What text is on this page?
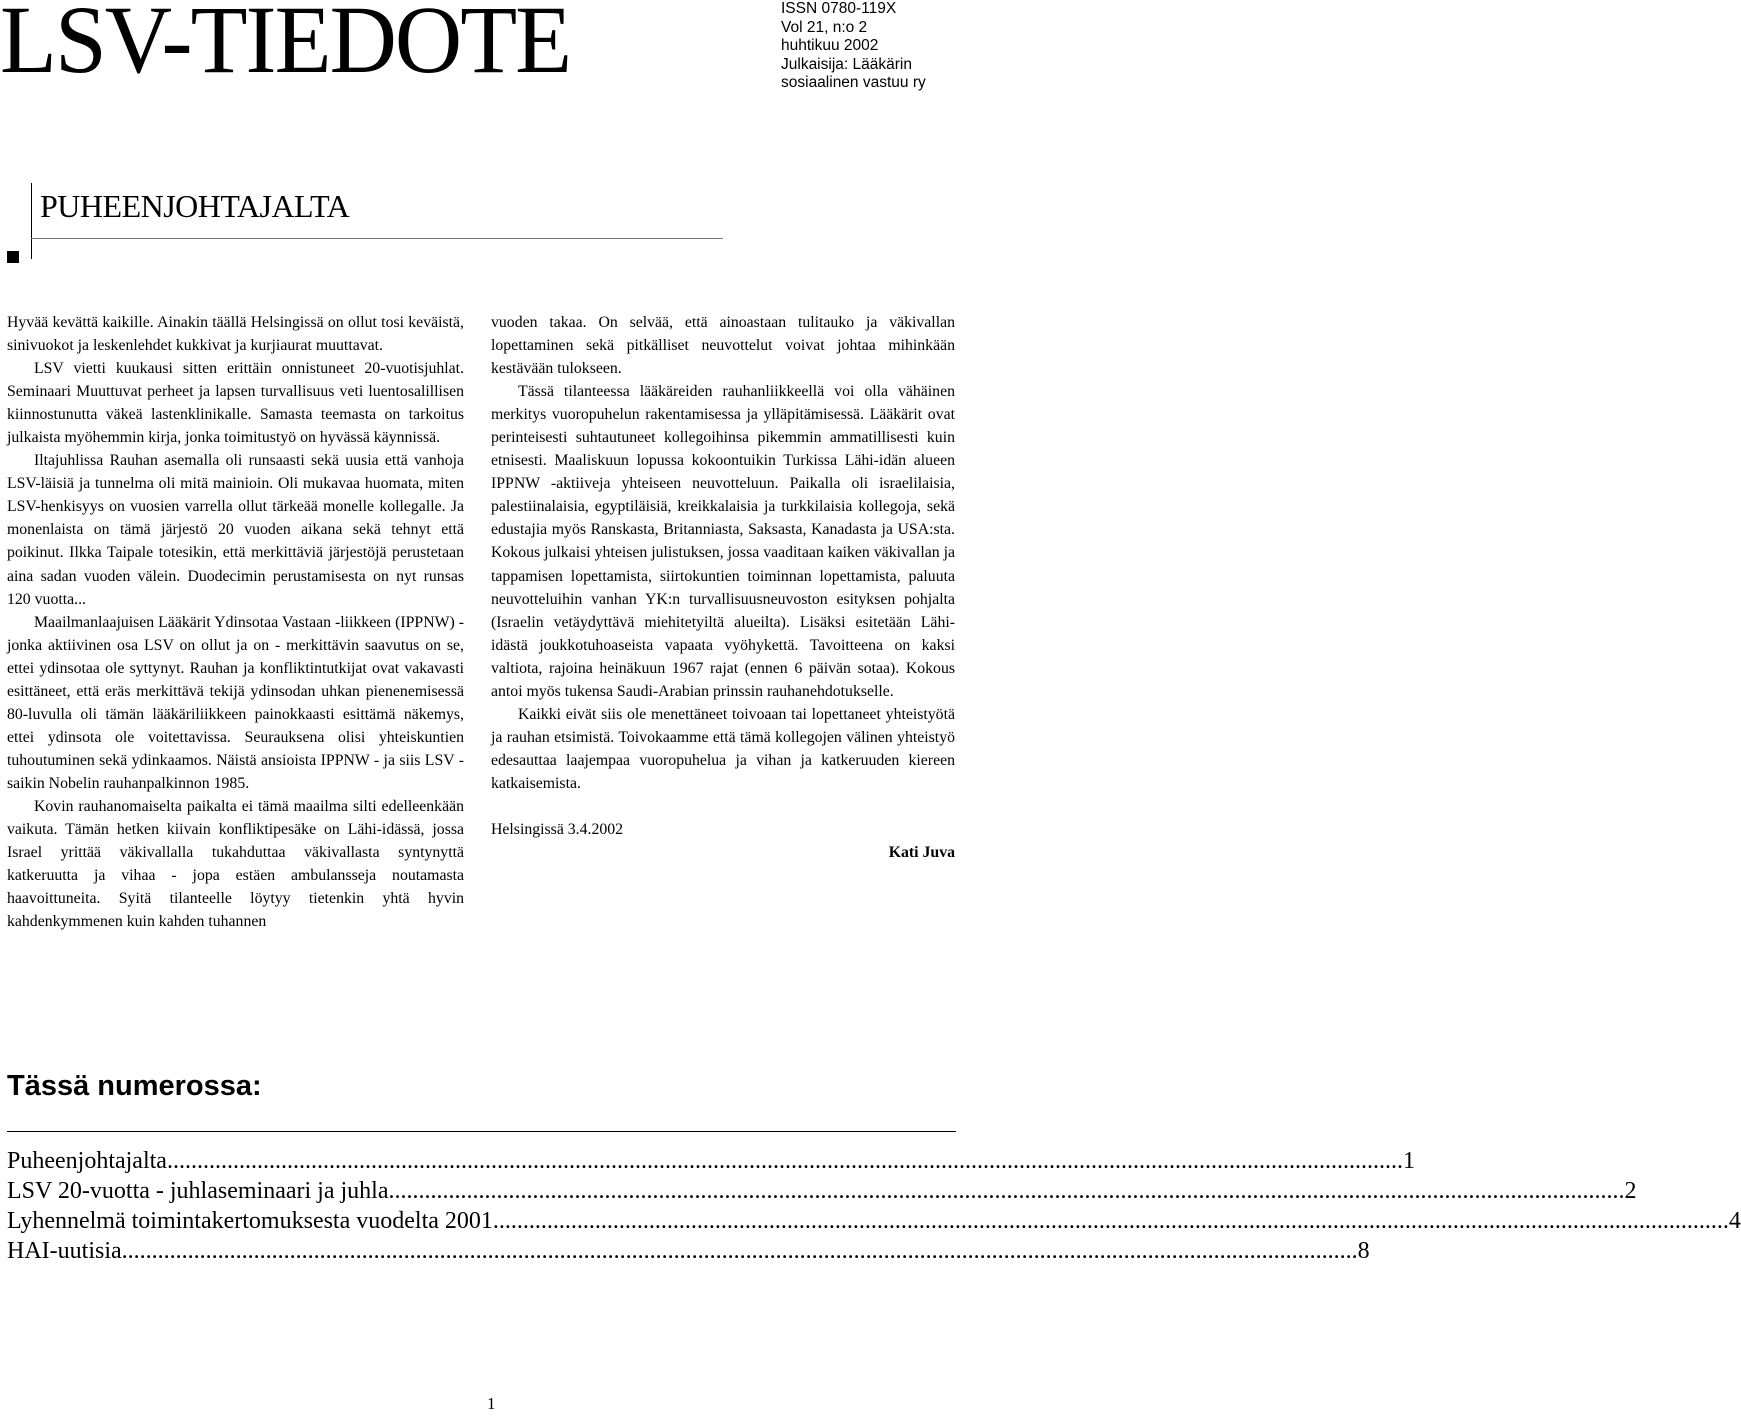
LSV-TIEDOTE	ISSN 0780-119X
Vol 21, n:o 2
huhtikuu 2002
Julkaisija: Lääkärin
sosiaalinen vastuu ry
PUHEENJOHTAJALTA

Hyvää kevättä kaikille. Ainakin täällä Helsingissä on ollut tosi keväistä, sinivuokot ja leskenlehdet kukkivat ja kurjiaurat muuttavat.

LSV vietti kuukausi sitten erittäin onnistuneet 20-vuotisjuhlat. Seminaari Muuttuvat perheet ja lapsen turvallisuus veti luentosalillisen kiinnostunutta väkeä lastenklinikalle. Samasta teemasta on tarkoitus julkaista myöhemmin kirja, jonka toimitustyö on hyvässä käynnissä.

Iltajuhlissa Rauhan asemalla oli runsaasti sekä uusia että vanhoja LSV-läisiä ja tunnelma oli mitä mainioin. Oli mukavaa huomata, miten LSV-henkisyys on vuosien varrella ollut tärkeää monelle kollegalle. Ja monenlaista on tämä järjestö 20 vuoden aikana sekä tehnyt että poikinut. Ilkka Taipale totesikin, että merkittäviä järjestöjä perustetaan aina sadan vuoden välein. Duodecimin perustamisesta on nyt runsas 120 vuotta...

Maailmanlaajuisen Lääkärit Ydinsotaa Vastaan -liikkeen (IPPNW) - jonka aktiivinen osa LSV on ollut ja on - merkittävin saavutus on se, ettei ydinsotaa ole syttynyt. Rauhan ja konfliktintutkijat ovat vakavasti esittäneet, että eräs merkittävä tekijä ydinsodan uhkan pienenemisessä 80-luvulla oli tämän lääkäriliikkeen painokkaasti esittämä näkemys, ettei ydinsota ole voitettavissa. Seurauksena olisi yhteiskuntien tuhoutuminen sekä ydinkaamos. Näistä ansioista IPPNW - ja siis LSV - saikin Nobelin rauhanpalkinnon 1985.

Kovin rauhanomaiselta paikalta ei tämä maailma silti edelleenkään vaikuta. Tämän hetken kiivain konfliktipesäke on Lähi-idässä, jossa Israel yrittää väkivallalla tukahduttaa väkivallasta syntynyttä katkeruutta ja vihaa - jopa estäen ambulansseja noutamasta haavoittuneita. Syitä tilanteelle löytyy tietenkin yhtä hyvin kahdenkymmenen kuin kahden tuhannen

vuoden takaa. On selvää, että ainoastaan tulitauko ja väkivallan lopettaminen sekä pitkälliset neuvottelut voivat johtaa mihinkään kestävään tulokseen.

Tässä tilanteessa lääkäreiden rauhanliikkeellä voi olla vähäinen merkitys vuoropuhelun rakentamisessa ja ylläpitämisessä. Lääkärit ovat perinteisesti suhtautuneet kollegoihinsa pikemmin ammatillisesti kuin etnisesti. Maaliskuun lopussa kokoontuikin Turkissa Lähi-idän alueen IPPNW -aktiiveja yhteiseen neuvotteluun. Paikalla oli israelilaisia, palestiinalaisia, egyptiläisiä, kreikkalaisia ja turkkilaisia kollegoja, sekä edustajia myös Ranskasta, Britanniasta, Saksasta, Kanadasta ja USA:sta. Kokous julkaisi yhteisen julistuksen, jossa vaaditaan kaiken väkivallan ja tappamisen lopettamista, siirtokuntien toiminnan lopettamista, paluuta neuvotteluihin vanhan YK:n turvallisuusneuvoston esityksen pohjalta (Israelin vetäydyttävä miehitetyiltä alueilta). Lisäksi esitetään Lähi-idästä joukkotuhoaseista vapaata vyöhykettä. Tavoitteena on kaksi valtiota, rajoina heinäkuun 1967 rajat (ennen 6 päivän sotaa). Kokous antoi myös tukensa Saudi-Arabian prinssin rauhanehdotukselle.

Kaikki eivät siis ole menettäneet toivoaan tai lopettaneet yhteistyötä ja rauhan etsimistä. Toivokaamme että tämä kollegojen välinen yhteistyö edesauttaa laajempaa vuoropuhelua ja vihan ja katkeruuden kiereen katkaisemista.

Helsingissä 3.4.2002
Kati Juva
Tässä numerossa:
Puheenjohtajalta .............................................................................................................................................................................................................. 1
LSV 20-vuotta - juhlaseminaari ja juhla .............................................................................................................................................................................................................. 2
Lyhennelmä toimintakertomuksesta vuodelta 2001 .............................................................................................................................................................................................................. 4
HAI-uutisia .............................................................................................................................................................................................................. 8
1
